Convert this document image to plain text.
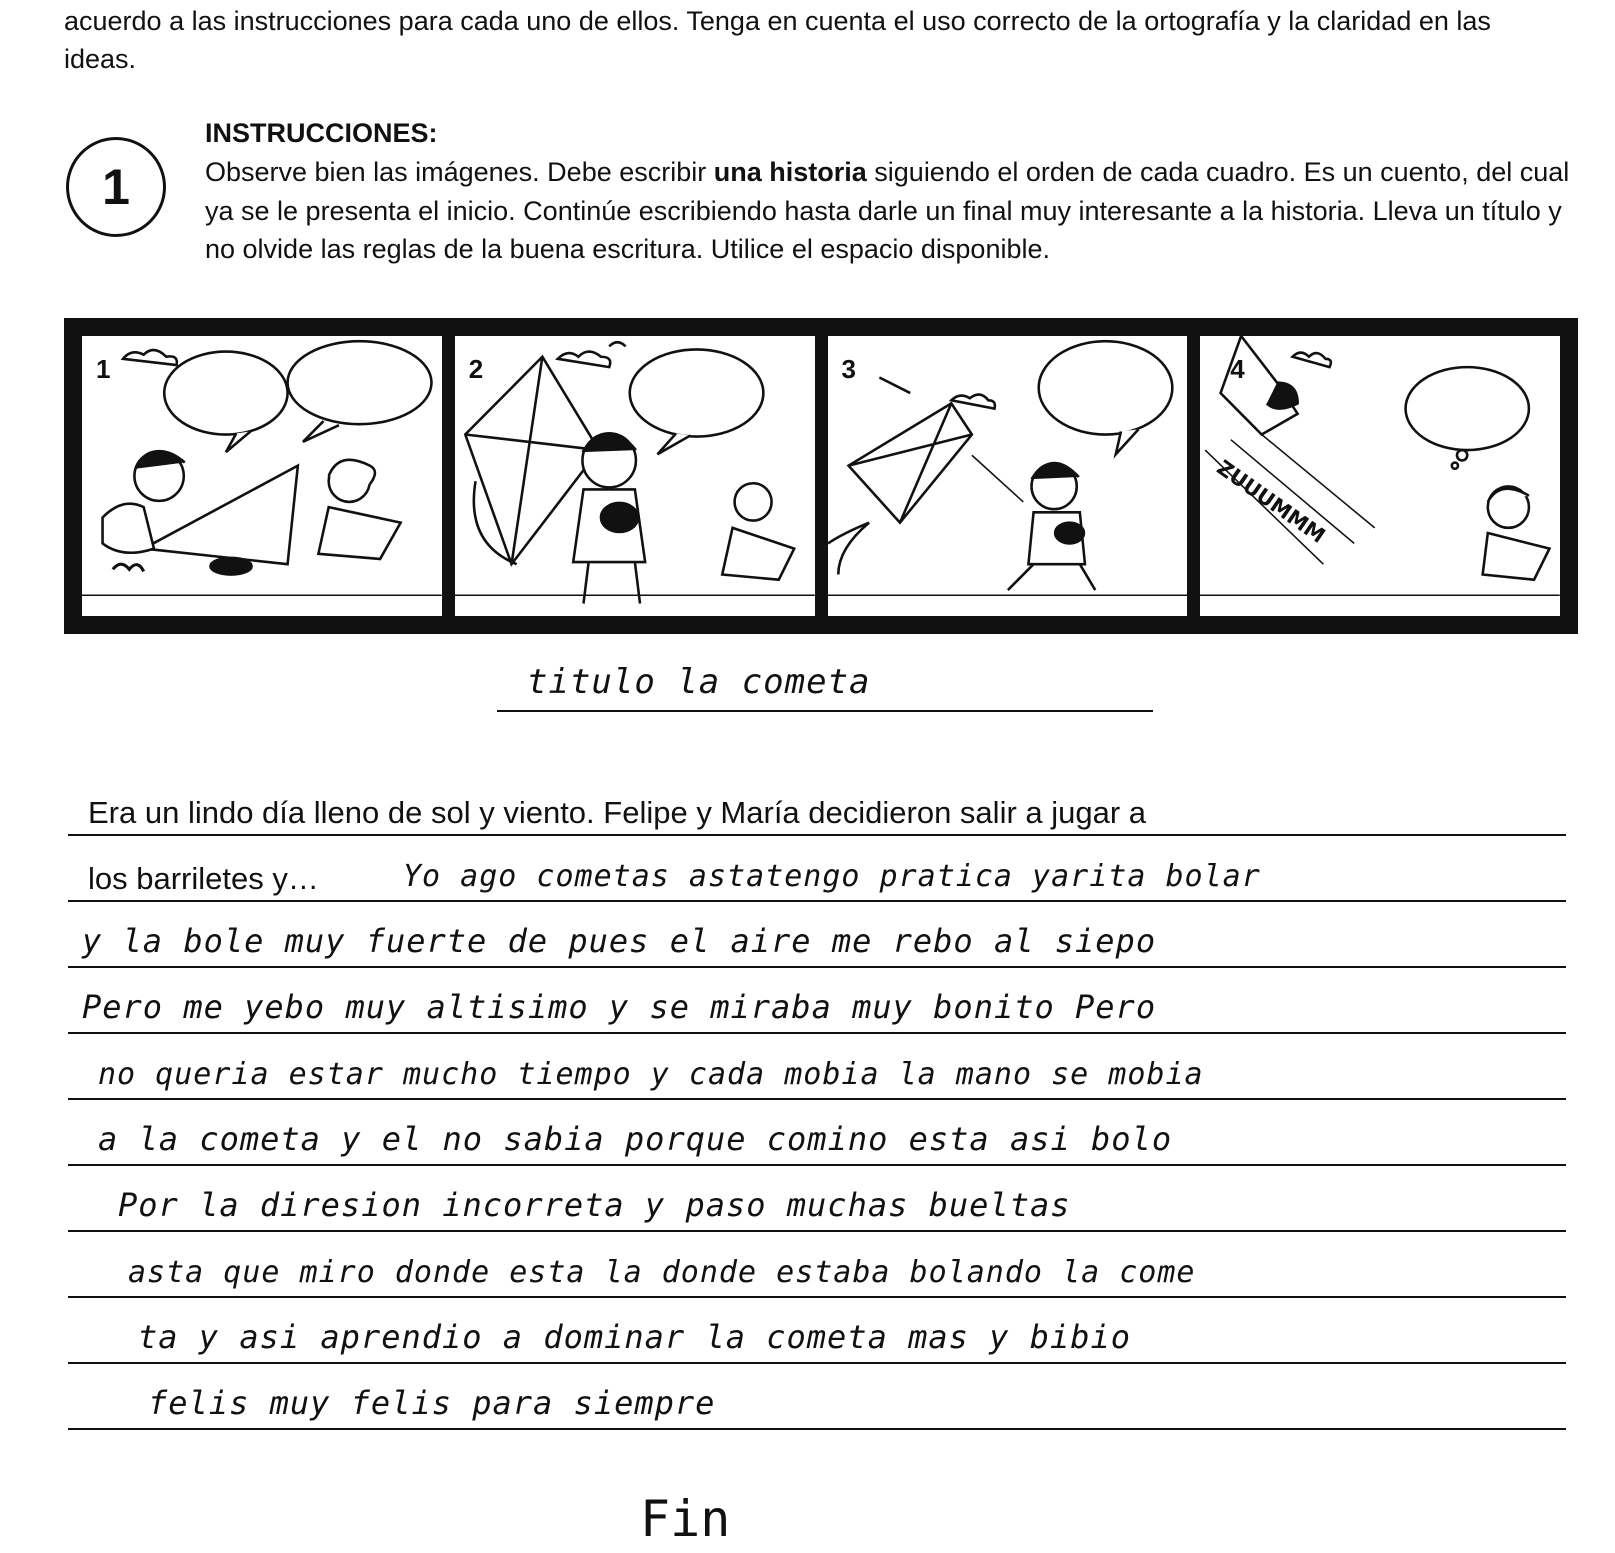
acuerdo a las instrucciones para cada uno de ellos. Tenga en cuenta el uso correcto de la ortografía y la claridad en las ideas.

1
INSTRUCCIONES:

Observe bien las imágenes. Debe escribir una historia siguiendo el orden de cada cuadro. Es un cuento, del cual ya se le presenta el inicio. Continúe escribiendo hasta darle un final muy interesante a la historia. Lleva un título y no olvide las reglas de la buena escritura. Utilice el espacio disponible.

1	2	3
ZUUUMMM
4
titulo la cometa
Era un lindo día lleno de sol y viento. Felipe y María decidieron salir a jugar a
los barriletes y…	Yo ago cometas astatengo pratica yarita bolar
y la bole muy fuerte de pues el aire me rebo al siepo
Pero me yebo muy altisimo y se miraba muy bonito Pero
no queria estar mucho tiempo y cada mobia la mano se mobia
a la cometa y el no sabia porque comino esta asi bolo
Por la diresion incorreta y paso muchas bueltas
asta que miro donde esta la donde estaba bolando la come
ta y asi aprendio a dominar la cometa mas y bibio
felis muy felis para siempre
Fin
